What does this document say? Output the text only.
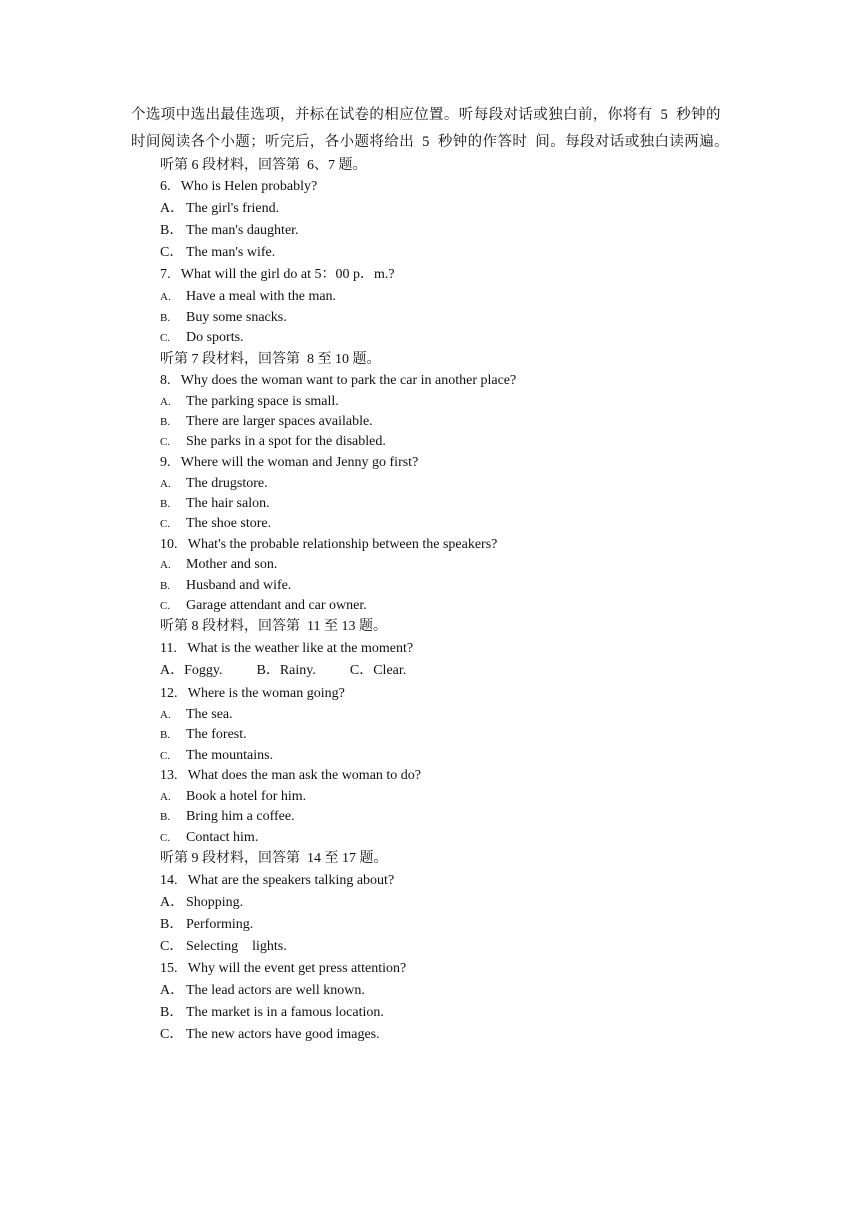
个选项中选出最佳选项，并标在试卷的相应位置。听每段对话或独白前，你将有  5  秒钟的
时间阅读各个小题；听完后，各小题将给出  5  秒钟的作答时  间。每段对话或独白读两遍。
听第 6 段材料，回答第  6、7 题。
6.   Who is Helen probably?
A． The girl's friend.
B． The man's daughter.
C． The man's wife.
7.   What will the girl do at 5：00 p．m.?
A. Have a meal with the man.
B. Buy some snacks.
C. Do sports.
听第 7 段材料，回答第  8 至 10 题。
8.   Why does the woman want to park the car in another place?
A. The parking space is small.
B. There are larger spaces available.
C. She parks in a spot for the disabled.
9.   Where will the woman and Jenny go first?
A. The drugstore.
B. The hair salon.
C. The shoe store.
10.   What's the probable relationship between the speakers?
A. Mother and son.
B. Husband and wife.
C. Garage attendant and car owner.
听第 8 段材料，回答第  11 至 13 题。
11.   What is the weather like at the moment?
A．Foggy. B．Rainy. C．Clear.
12.   Where is the woman going?
A. The sea.
B. The forest.
C. The mountains.
13.   What does the man ask the woman to do?
A. Book a hotel for him.
B. Bring him a coffee.
C. Contact him.
听第 9 段材料，回答第  14 至 17 题。
14.   What are the speakers talking about?
A． Shopping.
B． Performing.
C． Selecting    lights.
15.   Why will the event get press attention?
A． The lead actors are well known.
B． The market is in a famous location.
C． The new actors have good images.
